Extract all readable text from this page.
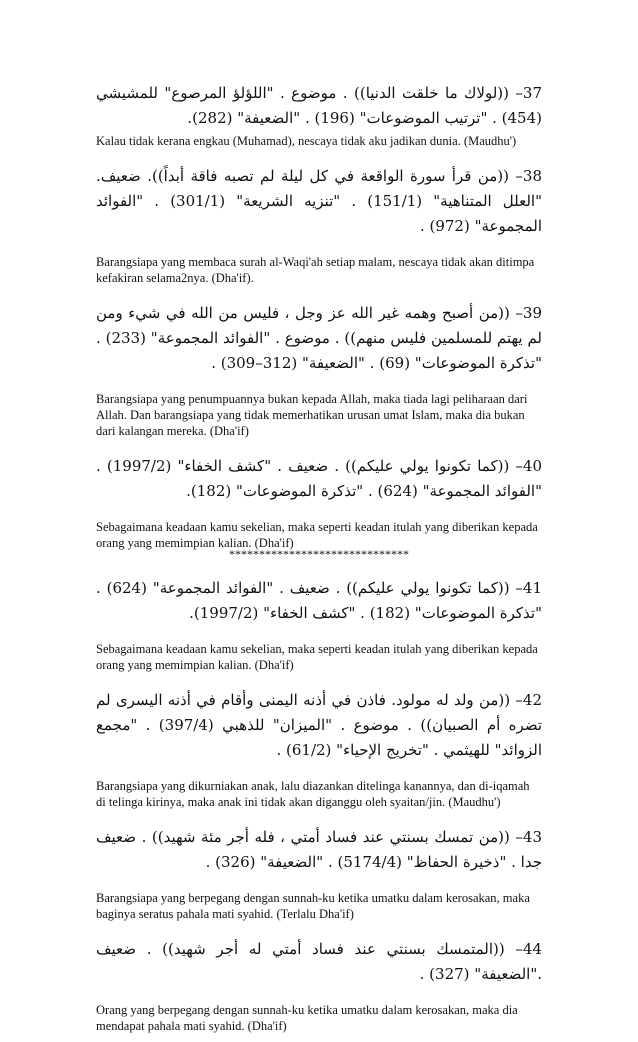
37– ((لولاك ما خلقت الدنيا)) . موضوع . "اللؤلؤ المرصوع" للمشيشي (454) . "ترتيب الموضوعات" (196) . "الضعيفة" (282).

Kalau tidak kerana engkau (Muhamad), nescaya tidak aku jadikan dunia. (Maudhu')

38– ((من قرأ سورة الواقعة في كل ليلة لم تصبه فاقة أبداً)). ضعيف. "العلل المتناهية" (151/1) . "تنزيه الشريعة" (301/1) . "الفوائد المجموعة" (972) .

Barangsiapa yang membaca surah al-Waqi'ah setiap malam, nescaya tidak akan ditimpa kefakiran selama2nya. (Dha'if).

39– ((من أصبح وهمه غير الله عز وجل ، فليس من الله في شيء ومن لم يهتم للمسلمين فليس منهم)) . موضوع . "الفوائد المجموعة" (233) . "تذكرة الموضوعات" (69) . "الضعيفة" (312–309) .

Barangsiapa yang penumpuannya bukan kepada Allah, maka tiada lagi peliharaan dari Allah. Dan barangsiapa yang tidak memerhatikan urusan umat Islam, maka dia bukan dari kalangan mereka. (Dha'if)

40– ((كما تكونوا يولي عليكم)) . ضعيف . "كشف الخفاء" (1997/2) . "الفوائد المجموعة" (624) . "تذكرة الموضوعات" (182).

Sebagaimana keadaan kamu sekelian, maka seperti keadan itulah yang diberikan kepada orang yang memimpian kalian. (Dha'if)

******************************

41– ((كما تكونوا يولي عليكم)) . ضعيف . "الفوائد المجموعة" (624) . "تذكرة الموضوعات" (182) . "كشف الخفاء" (1997/2).

Sebagaimana keadaan kamu sekelian, maka seperti keadan itulah yang diberikan kepada orang yang memimpian kalian. (Dha'if)

42– ((من ولد له مولود. فاذن في أذنه اليمنى وأقام في أذنه اليسرى لم تضره أم الصبيان)) . موضوع . "الميزان" للذهبي (397/4) . "مجمع الزوائد" للهيثمي . "تخريج الإحياء" (61/2) .

Barangsiapa yang dikurniakan anak, lalu diazankan ditelinga kanannya, dan di-iqamah di telinga kirinya, maka anak ini tidak akan diganggu oleh syaitan/jin. (Maudhu')

43– ((من تمسك بسنتي عند فساد أمتي ، فله أجر مئة شهيد)) . ضعيف جدا . "ذخيرة الحفاظ" (5174/4) . "الضعيفة" (326) .

Barangsiapa yang berpegang dengan sunnah-ku ketika umatku dalam kerosakan, maka baginya seratus pahala mati syahid. (Terlalu Dha'if)

44– ((المتمسك بسنتي عند فساد أمتي له أجر شهيد)) . ضعيف ."الضعيفة" (327) .

Orang yang berpegang dengan sunnah-ku ketika umatku dalam kerosakan, maka dia mendapat pahala mati syahid. (Dha'if)
